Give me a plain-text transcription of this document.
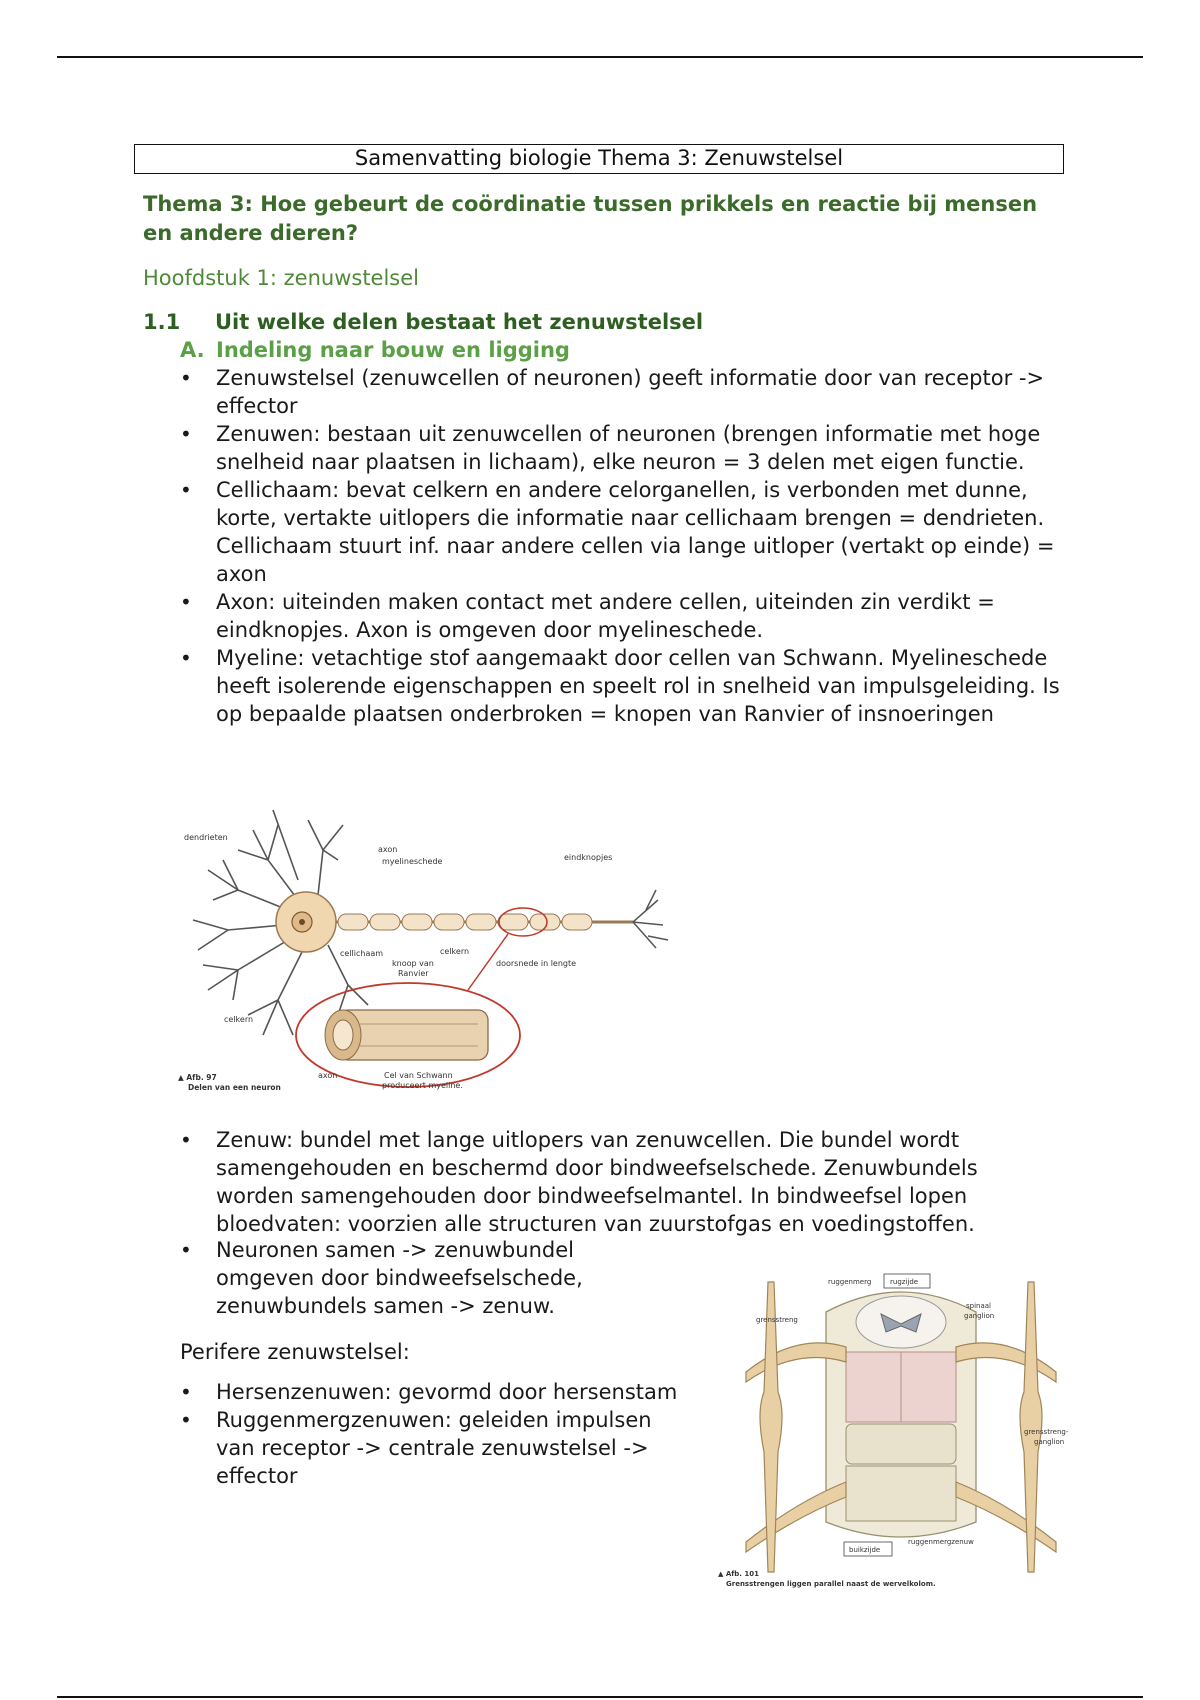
Samenvatting biologie Thema 3: Zenuwstelsel
Thema 3: Hoe gebeurt de coördinatie tussen prikkels en reactie bij mensen en andere dieren?
Hoofdstuk 1: zenuwstelsel
1.1 Uit welke delen bestaat het zenuwstelsel
A. Indeling naar bouw en ligging
• Zenuwstelsel (zenuwcellen of neuronen) geeft informatie door van receptor -> effector
• Zenuwen: bestaan uit zenuwcellen of neuronen (brengen informatie met hoge snelheid naar plaatsen in lichaam), elke neuron = 3 delen met eigen functie.
• Cellichaam: bevat celkern en andere celorganellen, is verbonden met dunne, korte, vertakte uitlopers die informatie naar cellichaam brengen = dendrieten. Cellichaam stuurt inf. naar andere cellen via lange uitloper (vertakt op einde) = axon
• Axon: uiteinden maken contact met andere cellen, uiteinden zin verdikt = eindknopjes. Axon is omgeven door myelineschede.
• Myeline: vetachtige stof aangemaakt door cellen van Schwann. Myelineschede heeft isolerende eigenschappen en speelt rol in snelheid van impulsgeleiding. Is op bepaalde plaatsen onderbroken = knopen van Ranvier of insnoeringen
dendrieten
axon
myelineschede	eindknopjes
cellichaam	celkern
knoop van
Ranvier
doorsnede in lengte
celkern
axon	Cel van Schwann
produceert myeline.
▲ Afb. 97
Delen van een neuron
• Zenuw: bundel met lange uitlopers van zenuwcellen. Die bundel wordt samengehouden en beschermd door bindweefselschede. Zenuwbundels worden samengehouden door bindweefselmantel. In bindweefsel lopen bloedvaten: voorzien alle structuren van zuurstofgas en voedingstoffen.
• Neuronen samen -> zenuwbundel omgeven door bindweefselschede, zenuwbundels samen -> zenuw.
Perifere zenuwstelsel:
• Hersenzenuwen: gevormd door hersenstam
• Ruggenmergzenuwen: geleiden impulsen van receptor -> centrale zenuwstelsel -> effector
ruggenmerg	rugzijde
grensstreng
spinaal
ganglion
grensstreng-
ganglion
buikzijde
ruggenmergzenuw
▲ Afb. 101
Grensstrengen liggen parallel naast de wervelkolom.
